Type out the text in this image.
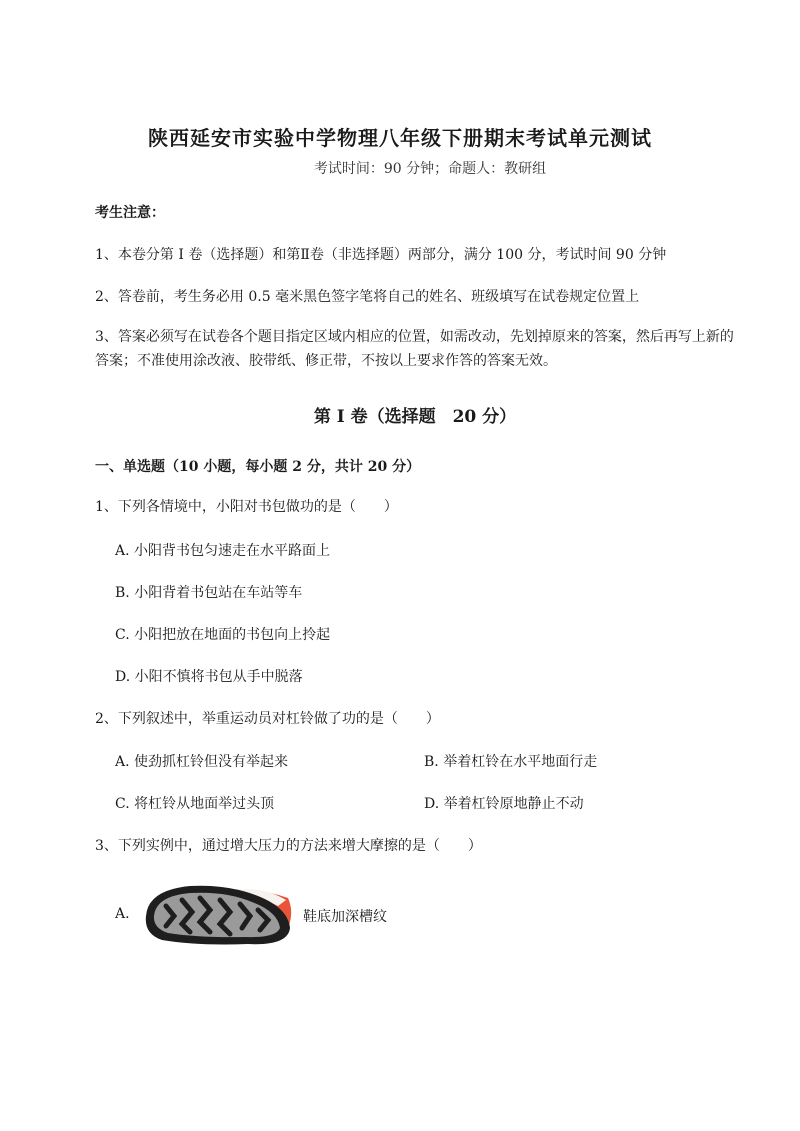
陕西延安市实验中学物理八年级下册期末考试单元测试
考试时间：90 分钟；命题人：教研组
考生注意：
1、本卷分第 I 卷（选择题）和第Ⅱ卷（非选择题）两部分，满分 100 分，考试时间 90 分钟
2、答卷前，考生务必用 0.5 毫米黑色签字笔将自己的姓名、班级填写在试卷规定位置上
3、答案必须写在试卷各个题目指定区域内相应的位置，如需改动，先划掉原来的答案，然后再写上新的答案；不准使用涂改液、胶带纸、修正带，不按以上要求作答的答案无效。
第 I 卷（选择题　20 分）
一、单选题（10 小题，每小题 2 分，共计 20 分）
1、下列各情境中，小阳对书包做功的是（　　）
A. 小阳背书包匀速走在水平路面上
B. 小阳背着书包站在车站等车
C. 小阳把放在地面的书包向上拎起
D. 小阳不慎将书包从手中脱落
2、下列叙述中，举重运动员对杠铃做了功的是（　　）
A. 使劲抓杠铃但没有举起来	B. 举着杠铃在水平地面行走
C. 将杠铃从地面举过头顶	D. 举着杠铃原地静止不动
3、下列实例中，通过增大压力的方法来增大摩擦的是（　　）
A.	鞋底加深槽纹
